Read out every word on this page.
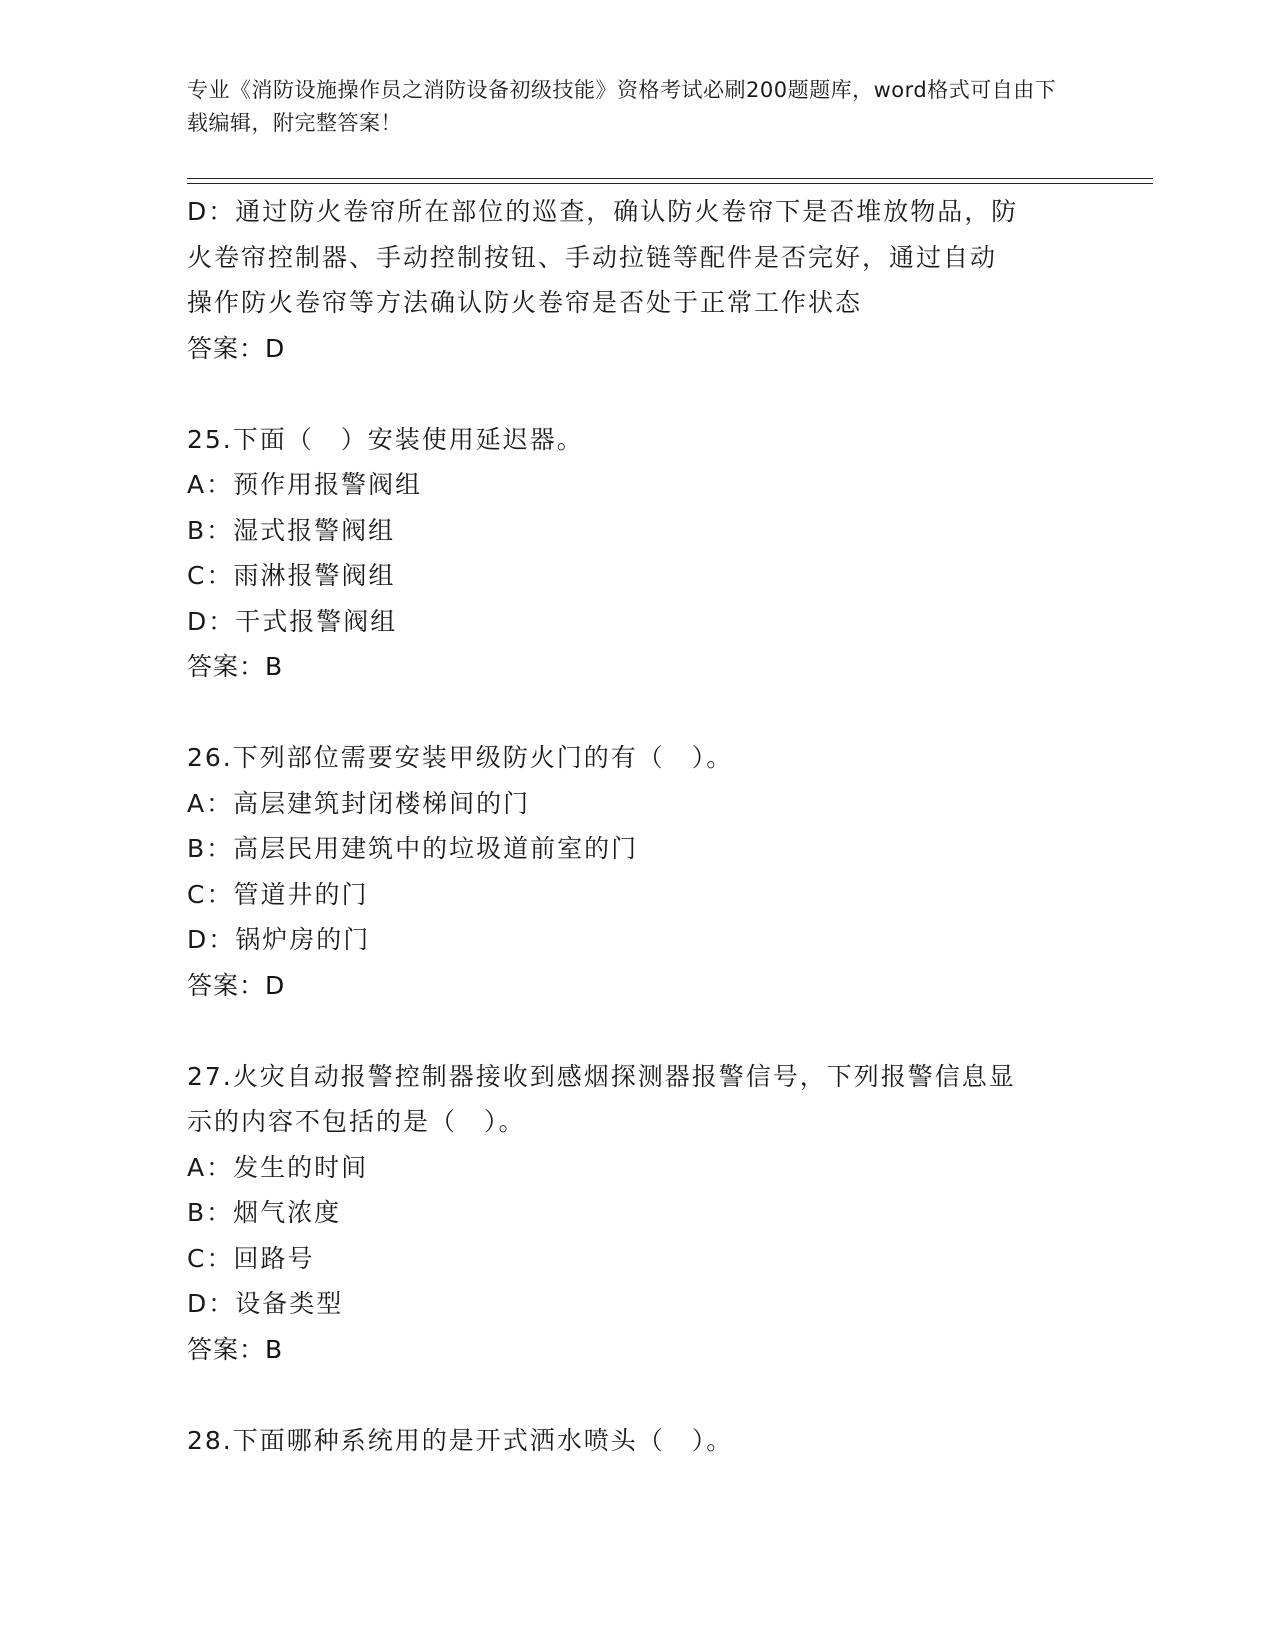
专业《消防设施操作员之消防设备初级技能》资格考试必刷200题题库，word格式可自由下载编辑，附完整答案！
D：通过防火卷帘所在部位的巡查，确认防火卷帘下是否堆放物品，防
火卷帘控制器、手动控制按钮、手动拉链等配件是否完好，通过自动
操作防火卷帘等方法确认防火卷帘是否处于正常工作状态
答案：D
25.下面（　）安装使用延迟器。
A：预作用报警阀组
B：湿式报警阀组
C：雨淋报警阀组
D：干式报警阀组
答案：B
26.下列部位需要安装甲级防火门的有（　）。
A：高层建筑封闭楼梯间的门
B：高层民用建筑中的垃圾道前室的门
C：管道井的门
D：锅炉房的门
答案：D
27.火灾自动报警控制器接收到感烟探测器报警信号，下列报警信息显
示的内容不包括的是（　）。
A：发生的时间
B：烟气浓度
C：回路号
D：设备类型
答案：B
28.下面哪种系统用的是开式洒水喷头（　）。
